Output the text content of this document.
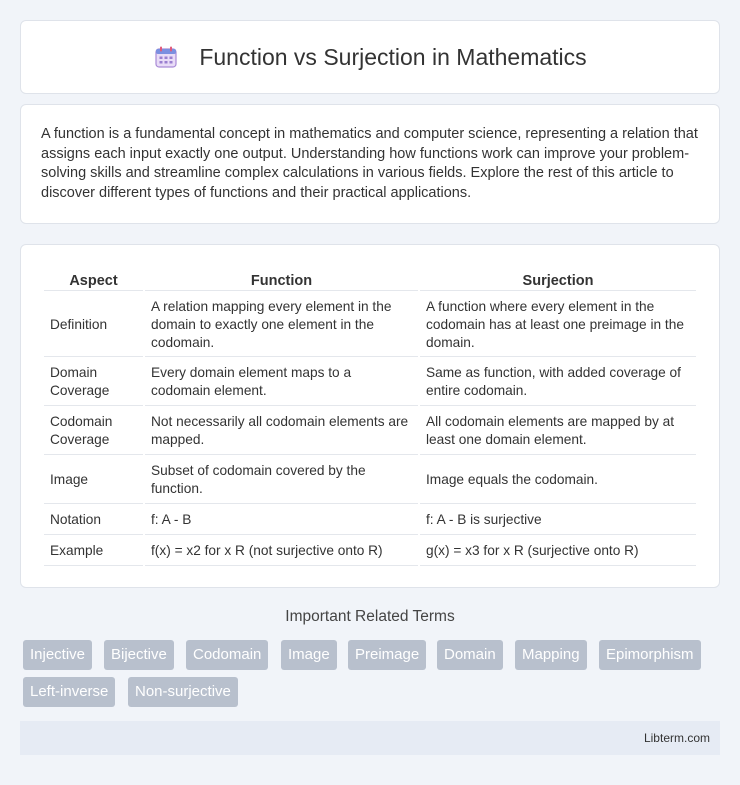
Function vs Surjection in Mathematics

A function is a fundamental concept in mathematics and computer science, representing a relation that assigns each input exactly one output. Understanding how functions work can improve your problem-solving skills and streamline complex calculations in various fields. Explore the rest of this article to discover different types of functions and their practical applications.

Aspect	Function	Surjection
Definition	A relation mapping every element in the domain to exactly one element in the codomain.	A function where every element in the codomain has at least one preimage in the domain.
Domain Coverage	Every domain element maps to a codomain element.	Same as function, with added coverage of entire codomain.
Codomain Coverage	Not necessarily all codomain elements are mapped.	All codomain elements are mapped by at least one domain element.
Image	Subset of codomain covered by the function.	Image equals the codomain.
Notation	f: A - B	f: A - B is surjective
Example	f(x) = x2 for x R (not surjective onto R)	g(x) = x3 for x R (surjective onto R)
Important Related Terms
Injective	Bijective	Codomain	Image	Preimage	Domain	Mapping	Epimorphism
Left-inverse	Non-surjective
Libterm.com
